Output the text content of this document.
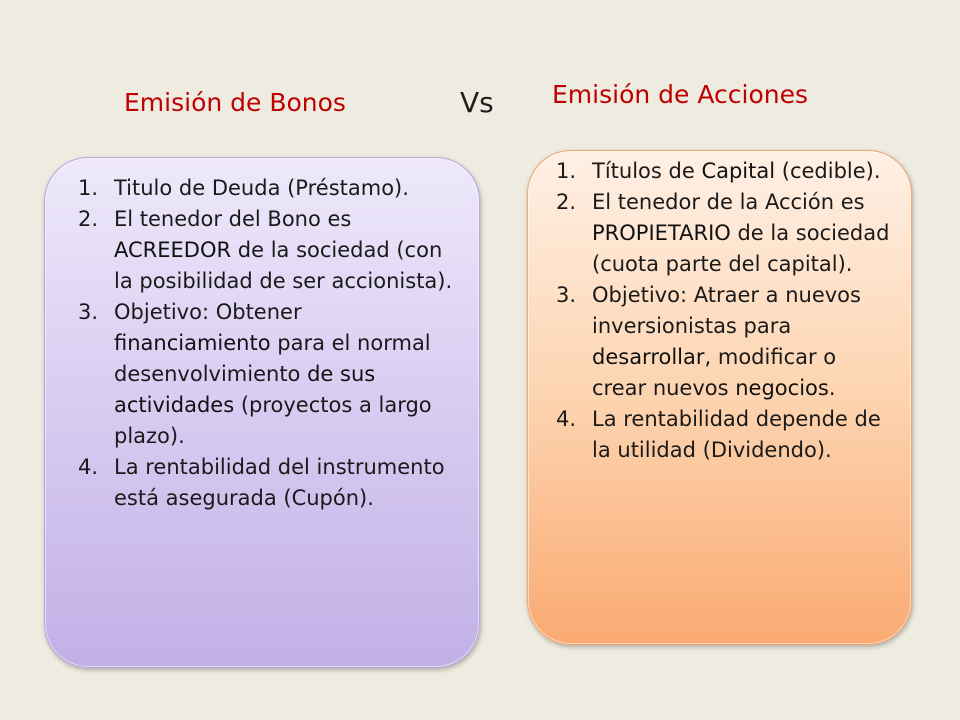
Emisión de Bonos	Vs Emisión de Acciones
1. Titulo de Deuda (Préstamo).
2. El tenedor del Bono es ACREEDOR de la sociedad (con la posibilidad de ser accionista).
3. Objetivo: Obtener financiamiento para el normal desenvolvimiento de sus actividades (proyectos a largo plazo).
4. La rentabilidad del instrumento está asegurada (Cupón).
1. Títulos de Capital (cedible).
2. El tenedor de la Acción es PROPIETARIO de la sociedad (cuota parte del capital).
3. Objetivo: Atraer a nuevos inversionistas para desarrollar, modificar o crear nuevos negocios.
4. La rentabilidad depende de la utilidad (Dividendo).
